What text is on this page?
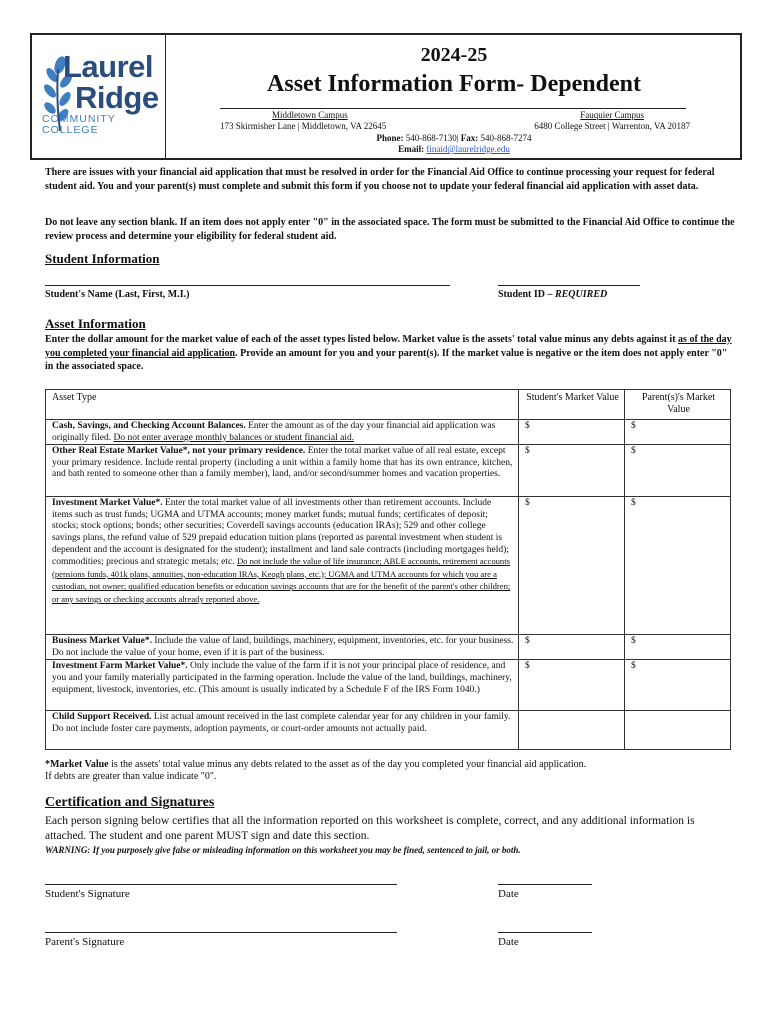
Laurel
Ridge
COMMUNITY
COLLEGE
2024-25
Asset Information Form- Dependent
Middletown Campus
173 Skirmisher Lane | Middletown, VA 22645
Fauquier Campus
6480 College Street | Warrenton, VA 20187
Phone: 540-868-7130| Fax: 540-868-7274
Email: finaid@laurelridge.edu
There are issues with your financial aid application that must be resolved in order for the Financial Aid Office to continue processing your request for federal student aid. You and your parent(s) must complete and submit this form if you choose not to update your federal financial aid application with asset data.
Do not leave any section blank. If an item does not apply enter "0" in the associated space. The form must be submitted to the Financial Aid Office to continue the review process and determine your eligibility for federal student aid.
Student Information
Student's Name (Last, First, M.I.)	Student ID – REQUIRED
Asset Information
Enter the dollar amount for the market value of each of the asset types listed below. Market value is the assets' total value minus any debts against it as of the day you completed your financial aid application. Provide an amount for you and your parent(s). If the market value is negative or the item does not apply enter "0" in the associated space.
Asset Type	Student's Market Value	Parent(s)'s Market Value
Cash, Savings, and Checking Account Balances. Enter the amount as of the day your financial aid application was originally filed. Do not enter average monthly balances or student financial aid.	$	$
Other Real Estate Market Value*, not your primary residence. Enter the total market value of all real estate, except your primary residence. Include rental property (including a unit within a family home that has its own entrance, kitchen, and bath rented to someone other than a family member), land, and/or second/summer homes and vacation properties.	$	$
Investment Market Value*. Enter the total market value of all investments other than retirement accounts. Include items such as trust funds; UGMA and UTMA accounts; money market funds; mutual funds; certificates of deposit; stocks; stock options; bonds; other securities; Coverdell savings accounts (education IRAs); 529 and other college savings plans, the refund value of 529 prepaid education tuition plans (reported as parental investment when student is dependent and the account is designated for the student); installment and land sale contracts (including mortgages held); commodities; precious and strategic metals; etc. Do not include the value of life insurance; ABLE accounts, retirement accounts (pensions funds, 401k plans, annuities, non-education IRAs, Keogh plans, etc.); UGMA and UTMA accounts for which you are a custodian, not owner; qualified education benefits or education savings accounts that are for the benefit of the parent's other children; or any savings or checking accounts already reported above.	$	$
Business Market Value*. Include the value of land, buildings, machinery, equipment, inventories, etc. for your business. Do not include the value of your home, even if it is part of the business.	$	$
Investment Farm Market Value*. Only include the value of the farm if it is not your principal place of residence, and you and your family materially participated in the farming operation. Include the value of the land, buildings, machinery, equipment, livestock, inventories, etc. (This amount is usually indicated by a Schedule F of the IRS Form 1040.)	$	$
Child Support Received. List actual amount received in the last complete calendar year for any children in your family. Do not include foster care payments, adoption payments, or court-order amounts not actually paid.		
*Market Value is the assets' total value minus any debts related to the asset as of the day you completed your financial aid application.
If debts are greater than value indicate "0".
Certification and Signatures
Each person signing below certifies that all the information reported on this worksheet is complete, correct, and any additional information is attached. The student and one parent MUST sign and date this section.
WARNING: If you purposely give false or misleading information on this worksheet you may be fined, sentenced to jail, or both.
Student's Signature	Date
Parent's Signature	Date
